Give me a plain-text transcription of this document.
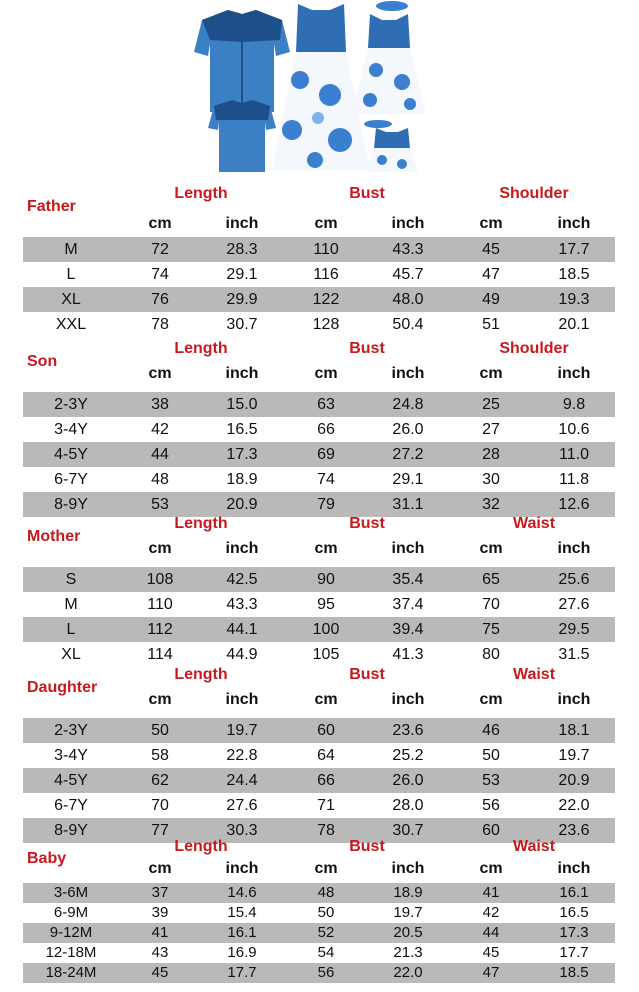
Father
Length	Bust	Shoulder
cm	inch	cm	inch	cm	inch
M	72	28.3	110	43.3	45	17.7
L	74	29.1	116	45.7	47	18.5
XL	76	29.9	122	48.0	49	19.3
XXL	78	30.7	128	50.4	51	20.1
Son
Length	Bust	Shoulder
cm	inch	cm	inch	cm	inch
2-3Y	38	15.0	63	24.8	25	9.8
3-4Y	42	16.5	66	26.0	27	10.6
4-5Y	44	17.3	69	27.2	28	11.0
6-7Y	48	18.9	74	29.1	30	11.8
8-9Y	53	20.9	79	31.1	32	12.6
Mother
Length	Bust	Waist
cm	inch	cm	inch	cm	inch
S	108	42.5	90	35.4	65	25.6
M	110	43.3	95	37.4	70	27.6
L	112	44.1	100	39.4	75	29.5
XL	114	44.9	105	41.3	80	31.5
Daughter
Length	Bust	Waist
cm	inch	cm	inch	cm	inch
2-3Y	50	19.7	60	23.6	46	18.1
3-4Y	58	22.8	64	25.2	50	19.7
4-5Y	62	24.4	66	26.0	53	20.9
6-7Y	70	27.6	71	28.0	56	22.0
8-9Y	77	30.3	78	30.7	60	23.6
Baby
Length	Bust	Waist
cm	inch	cm	inch	cm	inch
3-6M	37	14.6	48	18.9	41	16.1
6-9M	39	15.4	50	19.7	42	16.5
9-12M	41	16.1	52	20.5	44	17.3
12-18M	43	16.9	54	21.3	45	17.7
18-24M	45	17.7	56	22.0	47	18.5
